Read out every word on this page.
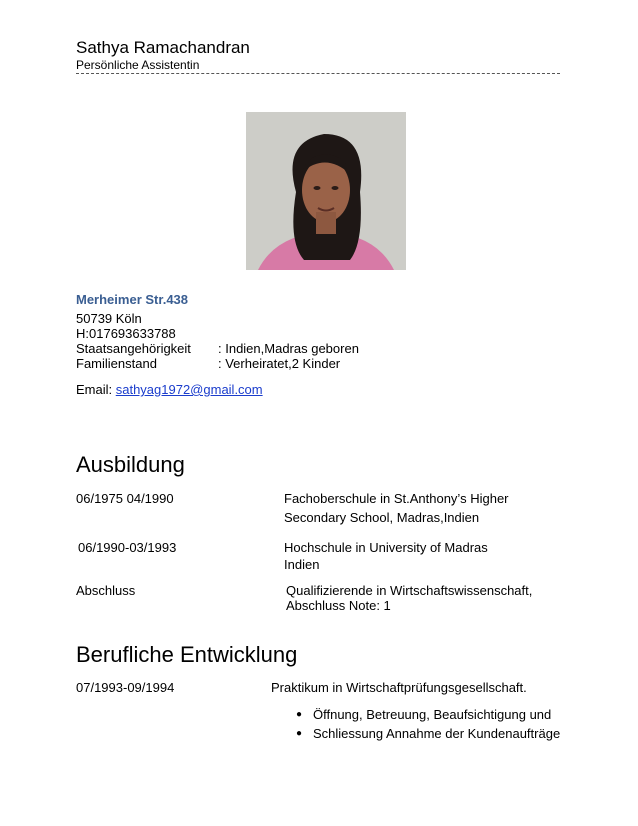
Sathya Ramachandran
Persönliche Assistentin
Merheimer Str.438
50739 Köln
H:017693633788
Staatsangehörigkeit : Indien,Madras geboren
Familienstand	: Verheiratet,2 Kinder
Email: sathyag1972@gmail.com
Ausbildung
06/1975 04/1990	Fachoberschule in St.Anthony’s Higher
Secondary School, Madras,Indien
06/1990-03/1993	Hochschule in University of Madras
Indien
Abschluss	Qualifizierende in Wirtschaftswissenschaft,
Abschluss Note: 1
Berufliche Entwicklung
07/1993-09/1994	Praktikum in Wirtschaftprüfungsgesellschaft.
● Öffnung, Betreuung, Beaufsichtigung und
● Schliessung Annahme der Kundenaufträge
